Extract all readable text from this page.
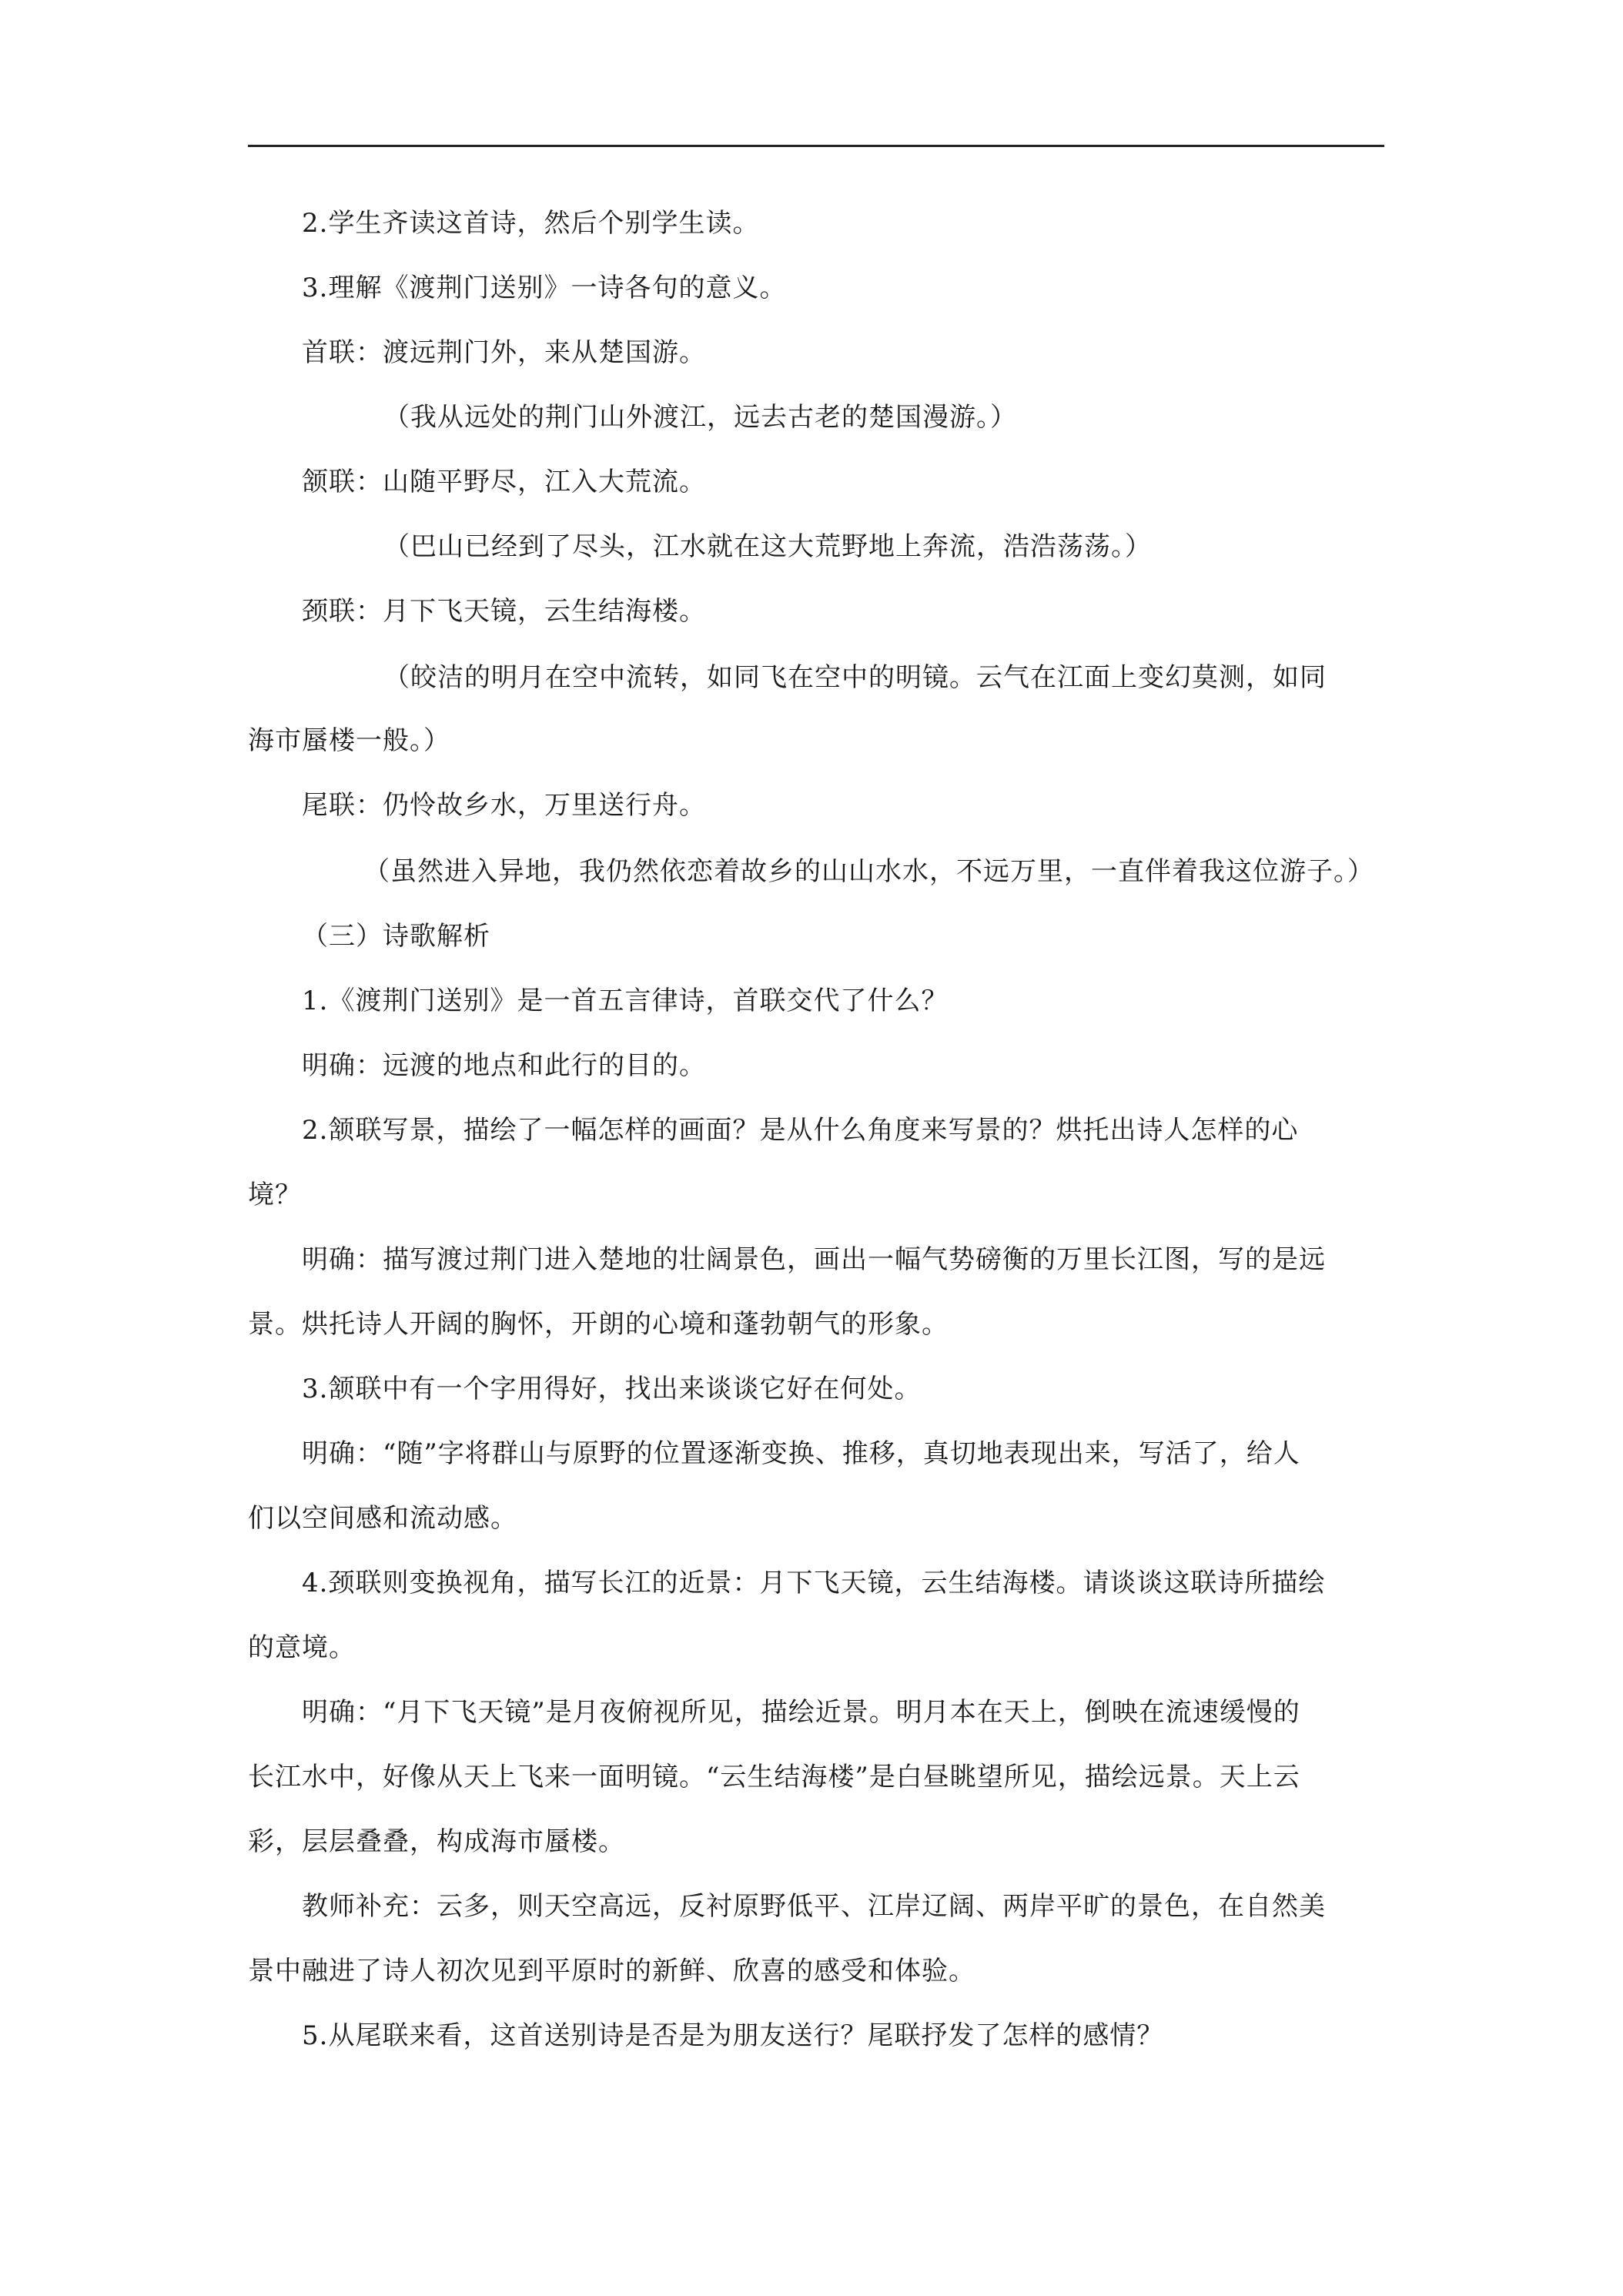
2.学生齐读这首诗，然后个别学生读。
3.理解《渡荆门送别》一诗各句的意义。
首联：渡远荆门外，来从楚国游。
（我从远处的荆门山外渡江，远去古老的楚国漫游。）
颔联：山随平野尽，江入大荒流。
（巴山已经到了尽头，江水就在这大荒野地上奔流，浩浩荡荡。）
颈联：月下飞天镜，云生结海楼。
（皎洁的明月在空中流转，如同飞在空中的明镜。云气在江面上变幻莫测，如同
海市蜃楼一般。）
尾联：仍怜故乡水，万里送行舟。
（虽然进入异地，我仍然依恋着故乡的山山水水，不远万里，一直伴着我这位游子。）
（三）诗歌解析
1.《渡荆门送别》是一首五言律诗，首联交代了什么？
明确：远渡的地点和此行的目的。
2.颔联写景，描绘了一幅怎样的画面？是从什么角度来写景的？烘托出诗人怎样的心
境？
明确：描写渡过荆门进入楚地的壮阔景色，画出一幅气势磅衡的万里长江图，写的是远
景。烘托诗人开阔的胸怀，开朗的心境和蓬勃朝气的形象。
3.颔联中有一个字用得好，找出来谈谈它好在何处。
明确：“随”字将群山与原野的位置逐渐变换、推移，真切地表现出来，写活了，给人
们以空间感和流动感。
4.颈联则变换视角，描写长江的近景：月下飞天镜，云生结海楼。请谈谈这联诗所描绘
的意境。
明确：“月下飞天镜”是月夜俯视所见，描绘近景。明月本在天上，倒映在流速缓慢的
长江水中，好像从天上飞来一面明镜。“云生结海楼”是白昼眺望所见，描绘远景。天上云
彩，层层叠叠，构成海市蜃楼。
教师补充：云多，则天空高远，反衬原野低平、江岸辽阔、两岸平旷的景色，在自然美
景中融进了诗人初次见到平原时的新鲜、欣喜的感受和体验。
5.从尾联来看，这首送别诗是否是为朋友送行？尾联抒发了怎样的感情？
